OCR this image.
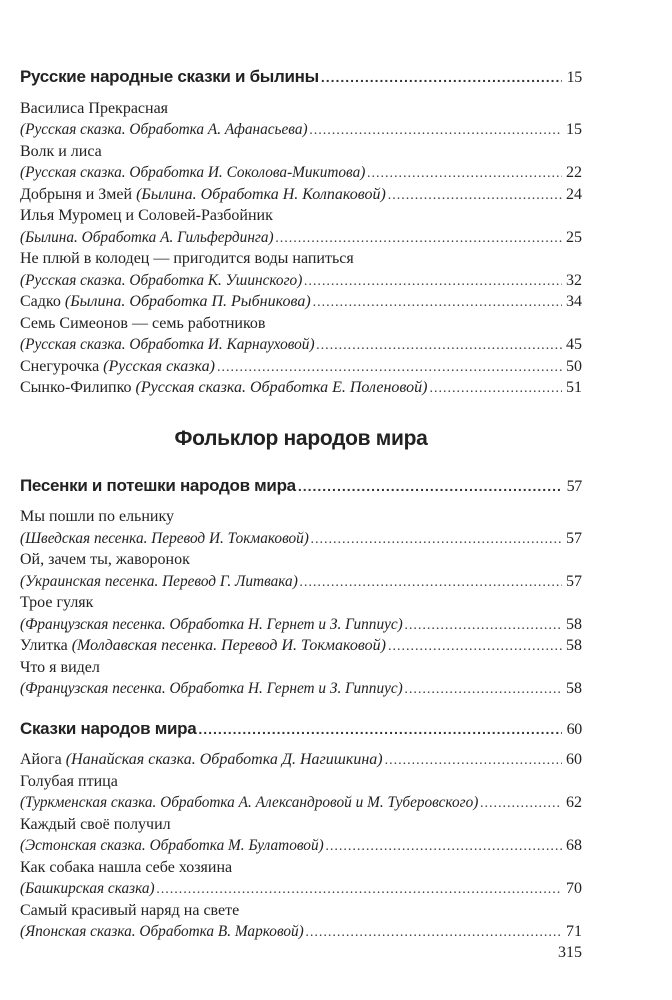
Русские народные сказки и былины .....	15
Василиса Прекрасная
(Русская сказка. Обработка А. Афанасьева) .....	15
Волк и лиса
(Русская сказка. Обработка И. Соколова-Микитова) .....	22
Добрыня и Змей (Былина. Обработка Н. Колпаковой) .....	24
Илья Муромец и Соловей-Разбойник
(Былина. Обработка А. Гильфердинга) .....	25
Не плюй в колодец — пригодится воды напиться
(Русская сказка. Обработка К. Ушинского) .....	32
Садко (Былина. Обработка П. Рыбникова) .....	34
Семь Симеонов — семь работников
(Русская сказка. Обработка И. Карнауховой) .....	45
Снегурочка (Русская сказка) .....	50
Сынко-Филипко (Русская сказка. Обработка Е. Поленовой) .....	51
Фольклор народов мира
Песенки и потешки народов мира .....	57
Мы пошли по ельнику
(Шведская песенка. Перевод И. Токмаковой) .....	57
Ой, зачем ты, жаворонок
(Украинская песенка. Перевод Г. Литвака) .....	57
Трое гуляк
(Французская песенка. Обработка Н. Гернет и З. Гиппиус) .....	58
Улитка (Молдавская песенка. Перевод И. Токмаковой) .....	58
Что я видел
(Французская песенка. Обработка Н. Гернет и З. Гиппиус) .....	58
Сказки народов мира .....	60
Айога (Нанайская сказка. Обработка Д. Нагишкина) .....	60
Голубая птица
(Туркменская сказка. Обработка А. Александровой и М. Туберовского) .....	62
Каждый своё получил
(Эстонская сказка. Обработка М. Булатовой) .....	68
Как собака нашла себе хозяина
(Башкирская сказка) .....	70
Самый красивый наряд на свете
(Японская сказка. Обработка В. Марковой) .....	71
315
